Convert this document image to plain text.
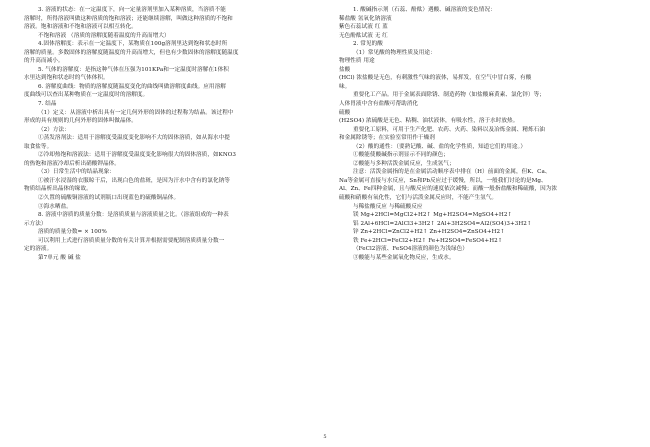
3. 溶液的状态：在一定温度下，向一定量溶剂里加入某种溶质，当溶质不能
溶解时，所得溶液叫做这种溶质的饱和溶液；还能继续溶解，叫做这种溶质的不饱和
溶液。饱和溶液和不饱和溶液可以相互转化。
不饱和溶液 （溶质的溶解度随着温度的升高而增大）
4.固体溶解度：表示在一定温度下，某物质在100g溶剂里达到饱和状态时所
溶解的质量。多数固体的溶解度随温度的升高而增大，但也有少数固体的溶解度随温度
的升高而减小。
5. 气体的溶解度：是指这种气体在压强为101KPa和一定温度时溶解在1体积
水里达到饱和状态时的气体体积。
6. 溶解度曲线：物质的溶解度随温度变化的曲线叫做溶解度曲线。应用溶解
度曲线可以查出某种物质在一定温度时的溶解度。
7. 结晶
（1）定义：从溶液中析出具有一定几何外形的固体的过程称为结晶。该过程中
形成的具有规则的几何外形的固体叫做晶体。
（2）方法：
①蒸发溶剂法：适用于溶解度受温度变化影响不大的固体溶质，如从海水中提
取食盐等。
②冷却热饱和溶液法：适用于溶解度受温度变化影响很大的固体溶质，如KNO3
的热饱和溶液冷却后析出硝酸钾晶体。
（3）日常生活中的结晶现象：
①被汗水浸湿的衣服晾干后，出现白色的盐斑，是因为汗水中含有的氯化钠等
物质结晶析出晶体的缘故。
②久置的硫酸铜溶液的试剂瓶口出现蓝色的硫酸铜晶体。
③海水晒盐。
8. 溶液中溶质的质量分数：是溶质质量与溶液质量之比。（溶液组成的一种表
示方法）
溶质的质量分数= × 100%
可以利用上式进行溶质质量分数的有关计算并根据需要配制溶质质量分数一
定的溶液。
第7单元 酸 碱 盐
1. 酸碱指示剂（石蕊、酚酞）遇酸、碱溶液的变色情况：
稀盐酸 氢氧化钠溶液
紫色石蕊试液 红 蓝
无色酚酞试液 无 红
2. 常见的酸
（1）常见酸的物理性质及用途：
物理性质 用途
盐酸
(HCl) 浓盐酸是无色，有刺激性气味的液体，易挥发，在空气中冒白雾，有酸
味。
重要化工产品。用于金属表面除锈、制造药物（如盐酸麻黄素、氯化锌）等；
人体胃液中含有盐酸可帮助消化
硫酸
(H2SO4) 浓硫酸是无色、粘稠、油状液体，有吸水性，溶于水时放热。
重要化工原料，可用于生产化肥、农药、火药、染料以及冶炼金属、精炼石油
和金属除锈等；在实验室常用作干燥剂
（2）酸的通性：（要熟记酸、碱、盐的化学性质，知道它们的用途。）
①酸能使酸碱指示剂显示不同的颜色；
②酸能与多种活泼金属反应，生成氢气；
注意：活泼金属指的是在金属活动顺序表中排在（H）前面的金属，但K、Ca、
Na等金属可直接与水反应，Sn和Pb反应过于缓慢，所以，一般我们讨论的是Mg、
Al、Zn、Fe四种金属，且与酸反应的速度依次减慢；而酸一般指盐酸和稀硫酸，因为浓
硫酸和硝酸有氧化性，它们与活泼金属反应时，不能产生氢气。
与稀盐酸反应 与稀硫酸反应
镁 Mg+2HCl=MgCl2+H2↑ Mg+H2SO4=MgSO4+H2↑
铝 2Al+6HCl=2AlCl3+3H2↑ 2Al+3H2SO4=Al2(SO4)3+3H2↑
锌 Zn+2HCl=ZnCl2+H2↑ Zn+H2SO4=ZnSO4+H2↑
铁 Fe+2HCl=FeCl2+H2↑ Fe+H2SO4=FeSO4+H2↑
（FeCl2溶液、FeSO4溶液的颜色为浅绿色）
③酸能与某些金属氧化物反应，生成水。
5
